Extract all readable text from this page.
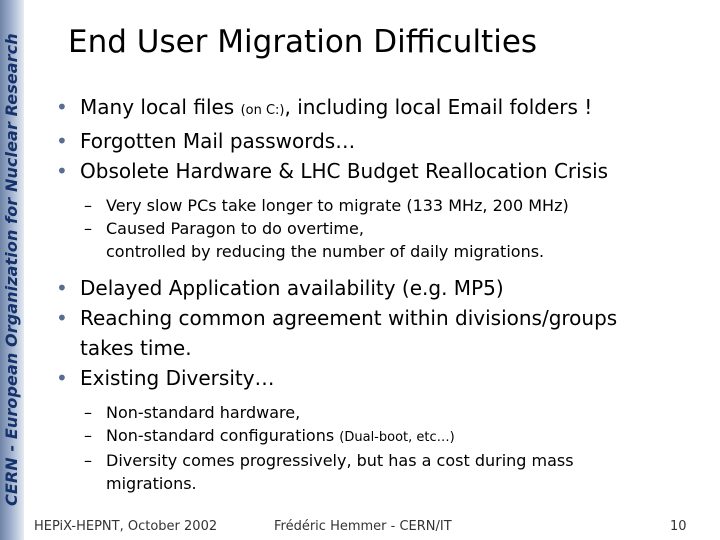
CERN - European Organization for Nuclear Research End User Migration Difficulties
• Many local files (on C:), including local Email folders !
• Forgotten Mail passwords…
• Obsolete Hardware & LHC Budget Reallocation Crisis
– Very slow PCs take longer to migrate (133 MHz, 200 MHz)
– Caused Paragon to do overtime,
controlled by reducing the number of daily migrations.
• Delayed Application availability (e.g. MP5)
• Reaching common agreement within divisions/groups
takes time.
• Existing Diversity…
– Non-standard hardware,
– Non-standard configurations (Dual-boot, etc…)
– Diversity comes progressively, but has a cost during mass
migrations.
HEPiX-HEPNT, October 2002	Frédéric Hemmer - CERN/IT	10
